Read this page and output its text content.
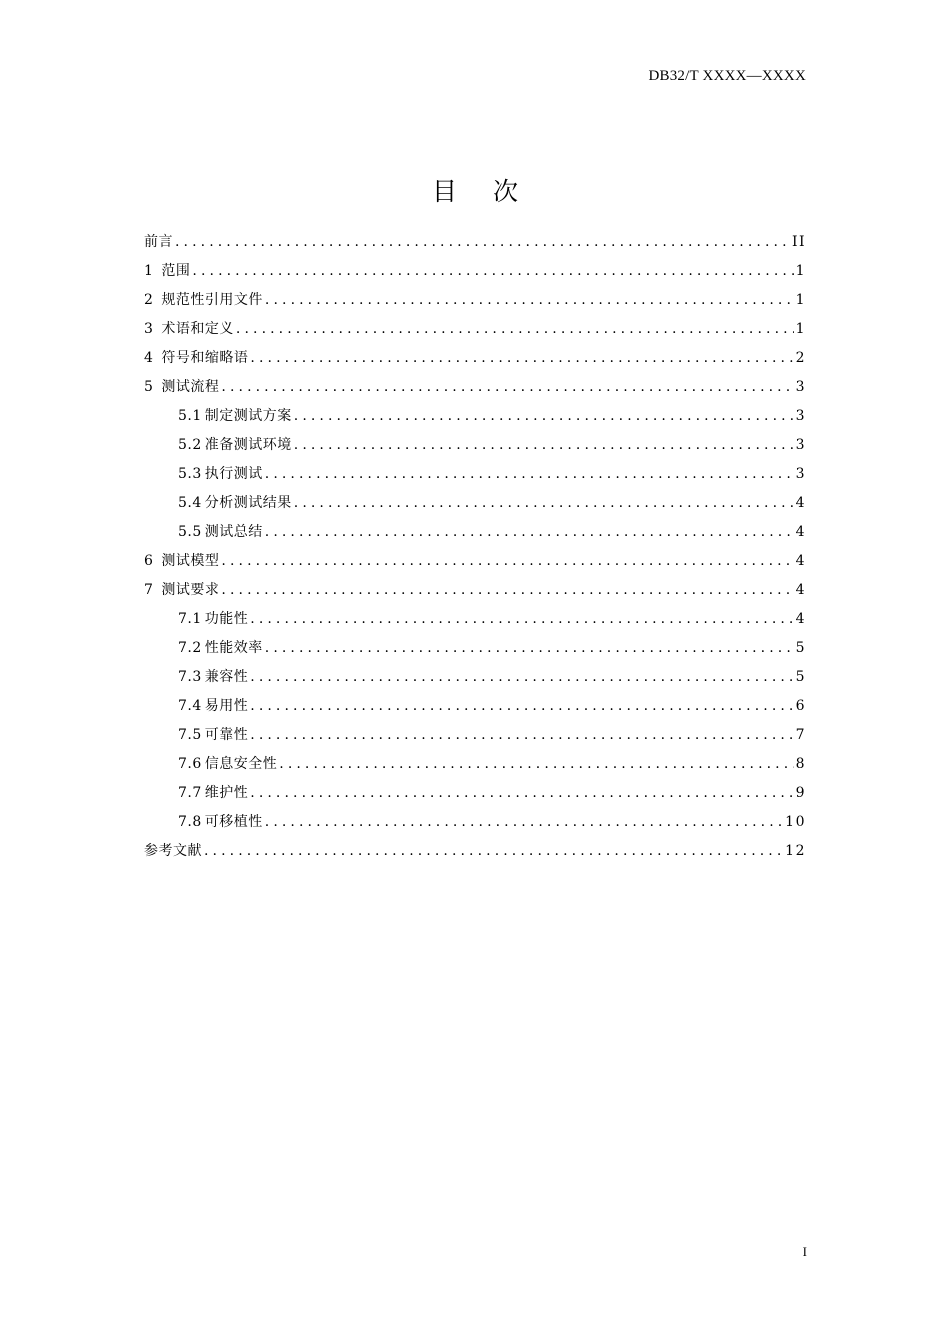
DB32/T XXXX—XXXX
目 次
前言 .....	II
1 范围 .....	1
2 规范性引用文件 .....	1
3 术语和定义 .....	1
4 符号和缩略语 .....	2
5 测试流程 .....	3
5.1 制定测试方案 .....	3
5.2 准备测试环境 .....	3
5.3 执行测试 .....	3
5.4 分析测试结果 .....	4
5.5 测试总结 .....	4
6 测试模型 .....	4
7 测试要求 .....	4
7.1 功能性 .....	4
7.2 性能效率 .....	5
7.3 兼容性 .....	5
7.4 易用性 .....	6
7.5 可靠性 .....	7
7.6 信息安全性 .....	8
7.7 维护性 .....	9
7.8 可移植性 .....	10
参考文献 .....	12
I
